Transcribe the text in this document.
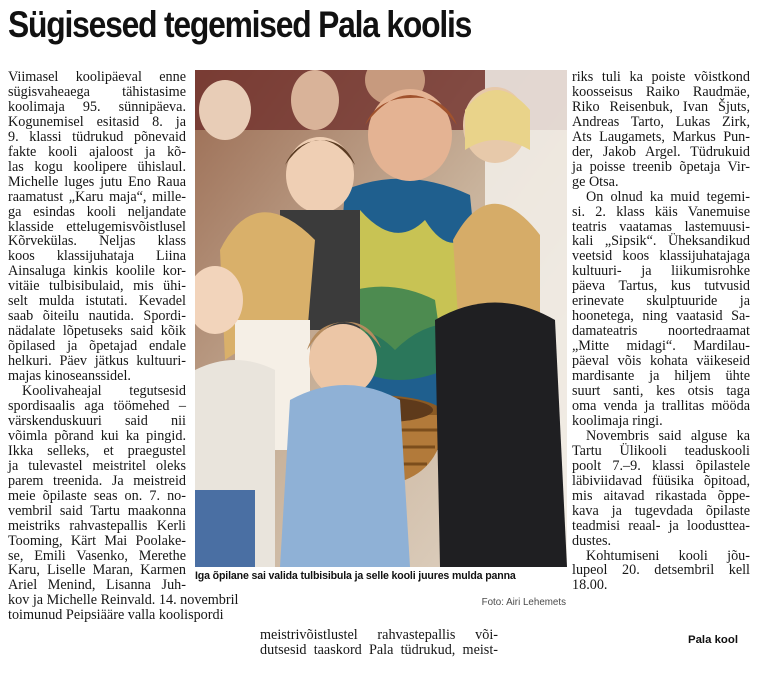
Sügisesed tegemised Pala koolis
Viimasel koolipäeval enne
sügisvaheaega tähistasime
koolimaja 95. sünnipäeva.
Kogunemisel esitasid 8. ja
9. klassi tüdrukud põnevaid
fakte kooli ajaloost ja kõ-
las kogu koolipere ühislaul.
Michelle luges jutu Eno Raua
raamatust „Karu maja“, mille-
ga esindas kooli neljandate
klasside ettelugemisvõistlusel
Kõrvekülas. Neljas klass
koos klassijuhataja Liina
Ainsaluga kinkis koolile kor-
vitäie tulbisibulaid, mis ühi-
selt mulda istutati. Kevadel
saab õiteilu nautida. Spordi-
nädalate lõpetuseks said kõik
õpilased ja õpetajad endale
helkuri. Päev jätkus kultuuri-
majas kinoseanssidel.
Koolivaheajal tegutsesid
spordisaalis aga töömehed –
värskenduskuuri said nii
võimla põrand kui ka pingid.
Ikka selleks, et praegustel
ja tulevastel meistritel oleks
parem treenida. Ja meistreid
meie õpilaste seas on. 7. no-
vembril said Tartu maakonna
meistriks rahvastepallis Kerli
Tooming, Kärt Mai Poolake-
se, Emili Vasenko, Merethe
Karu, Liselle Maran, Karmen
Ariel Menind, Lisanna Juh-
kov ja Michelle Reinvald. 14. novembril
toimunud Peipsiääre valla koolispordi
Iga õpilane sai valida tulbisibula ja selle kooli juures mulda panna
Foto: Airi Lehemets
meistrivõistlustel rahvastepallis või-
dutsesid taaskord Pala tüdrukud, meist-
riks tuli ka poiste võistkond
koosseisus Raiko Raudmäe,
Riko Reisenbuk, Ivan Šjuts,
Andreas Tarto, Lukas Zirk,
Ats Laugamets, Markus Pun-
der, Jakob Argel. Tüdrukuid
ja poisse treenib õpetaja Vir-
ge Otsa.
On olnud ka muid tegemi-
si. 2. klass käis Vanemuise
teatris vaatamas lastemuusi-
kali „Sipsik“. Üheksandikud
veetsid koos klassijuhatajaga
kultuuri- ja liikumisrohke
päeva Tartus, kus tutvusid
erinevate skulptuuride ja
hoonetega, ning vaatasid Sa-
damateatris noortedraamat
„Mitte midagi“. Mardilau-
päeval võis kohata väikeseid
mardisante ja hiljem ühte
suurt santi, kes otsis taga
oma venda ja trallitas mööda
koolimaja ringi.
Novembris said alguse ka
Tartu Ülikooli teaduskooli
poolt 7.–9. klassi õpilastele
läbiviidavad füüsika õpitoad,
mis aitavad rikastada õppe-
kava ja tugevdada õpilaste
teadmisi reaal- ja loodusttea-
dustes.
Kohtumiseni kooli jõu-
lupeol 20. detsembril kell
18.00.
Pala kool
